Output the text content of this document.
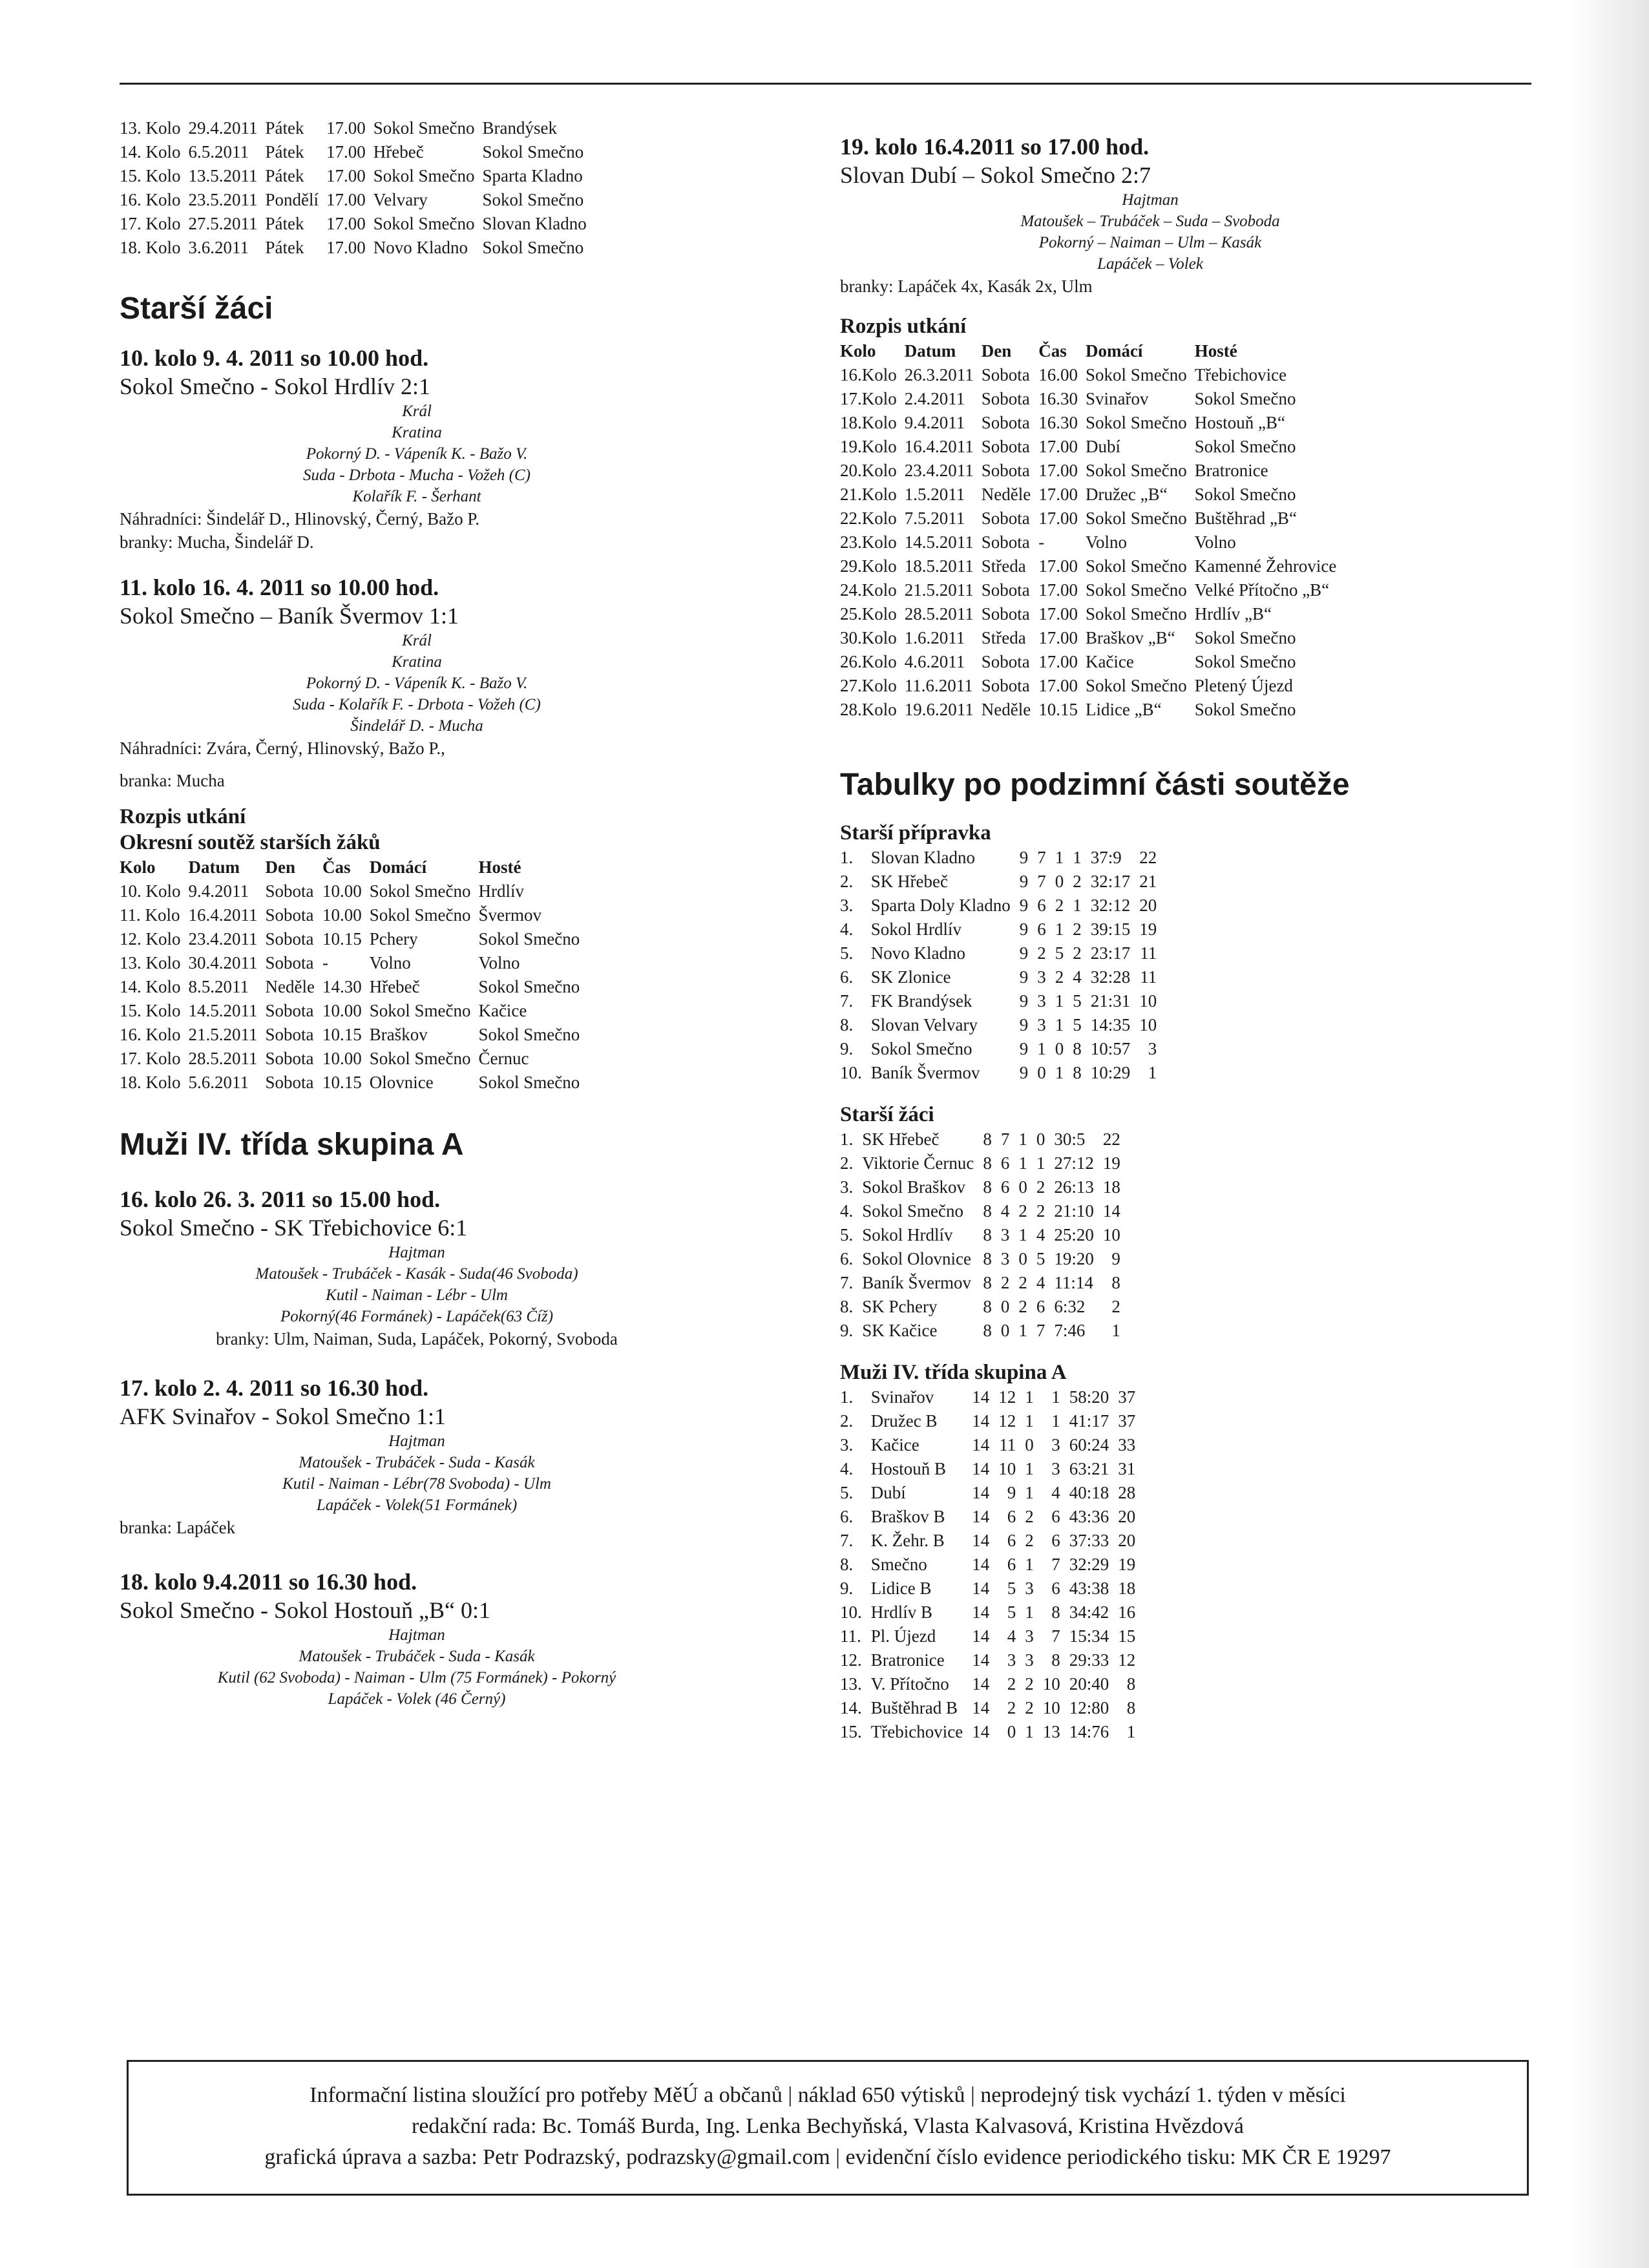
13. Kolo	29.4.2011	Pátek	17.00	Sokol Smečno	Brandýsek
14. Kolo	6.5.2011	Pátek	17.00	Hřebeč	Sokol Smečno
15. Kolo	13.5.2011	Pátek	17.00	Sokol Smečno	Sparta Kladno
16. Kolo	23.5.2011	Pondělí	17.00	Velvary	Sokol Smečno
17. Kolo	27.5.2011	Pátek	17.00	Sokol Smečno	Slovan Kladno
18. Kolo	3.6.2011	Pátek	17.00	Novo Kladno	Sokol Smečno
Starší žáci

10. kolo 9. 4. 2011 so 10.00 hod.

Sokol Smečno - Sokol Hrdlív 2:1

Král

Kratina

Pokorný D. - Vápeník K. - Bažo V.

Suda - Drbota - Mucha - Vožeh (C)

Kolařík F. - Šerhant

Náhradníci: Šindelář D., Hlinovský, Černý, Bažo P.

branky: Mucha, Šindelář D.

11. kolo 16. 4. 2011 so 10.00 hod.

Sokol Smečno – Baník Švermov 1:1

Král

Kratina

Pokorný D. - Vápeník K. - Bažo V.

Suda - Kolařík F. - Drbota - Vožeh (C)

Šindelář D. - Mucha

Náhradníci: Zvára, Černý, Hlinovský, Bažo P.,

branka: Mucha

Rozpis utkání

Okresní soutěž starších žáků

Kolo	Datum	Den	Čas	Domácí	Hosté
10. Kolo	9.4.2011	Sobota	10.00	Sokol Smečno	Hrdlív
11. Kolo	16.4.2011	Sobota	10.00	Sokol Smečno	Švermov
12. Kolo	23.4.2011	Sobota	10.15	Pchery	Sokol Smečno
13. Kolo	30.4.2011	Sobota	-	Volno	Volno
14. Kolo	8.5.2011	Neděle	14.30	Hřebeč	Sokol Smečno
15. Kolo	14.5.2011	Sobota	10.00	Sokol Smečno	Kačice
16. Kolo	21.5.2011	Sobota	10.15	Braškov	Sokol Smečno
17. Kolo	28.5.2011	Sobota	10.00	Sokol Smečno	Černuc
18. Kolo	5.6.2011	Sobota	10.15	Olovnice	Sokol Smečno
Muži IV. třída skupina A

16. kolo 26. 3. 2011 so 15.00 hod.

Sokol Smečno - SK Třebichovice 6:1

Hajtman

Matoušek - Trubáček - Kasák - Suda(46 Svoboda)

Kutil - Naiman - Lébr - Ulm

Pokorný(46 Formánek) - Lapáček(63 Číž)

branky: Ulm, Naiman, Suda, Lapáček, Pokorný, Svoboda

17. kolo 2. 4. 2011 so 16.30 hod.

AFK Svinařov - Sokol Smečno 1:1

Hajtman

Matoušek - Trubáček - Suda - Kasák

Kutil - Naiman - Lébr(78 Svoboda) - Ulm

Lapáček - Volek(51 Formánek)

branka: Lapáček

18. kolo 9.4.2011 so 16.30 hod.

Sokol Smečno - Sokol Hostouň „B“ 0:1

Hajtman

Matoušek - Trubáček - Suda - Kasák

Kutil (62 Svoboda) - Naiman - Ulm (75 Formánek) - Pokorný

Lapáček - Volek (46 Černý)

19. kolo 16.4.2011 so 17.00 hod.

Slovan Dubí – Sokol Smečno 2:7

Hajtman

Matoušek – Trubáček – Suda – Svoboda

Pokorný – Naiman – Ulm – Kasák

Lapáček – Volek

branky: Lapáček 4x, Kasák 2x, Ulm

Rozpis utkání

Kolo	Datum	Den	Čas	Domácí	Hosté
16.Kolo	26.3.2011	Sobota	16.00	Sokol Smečno	Třebichovice
17.Kolo	2.4.2011	Sobota	16.30	Svinařov	Sokol Smečno
18.Kolo	9.4.2011	Sobota	16.30	Sokol Smečno	Hostouň „B“
19.Kolo	16.4.2011	Sobota	17.00	Dubí	Sokol Smečno
20.Kolo	23.4.2011	Sobota	17.00	Sokol Smečno	Bratronice
21.Kolo	1.5.2011	Neděle	17.00	Družec „B“	Sokol Smečno
22.Kolo	7.5.2011	Sobota	17.00	Sokol Smečno	Buštěhrad „B“
23.Kolo	14.5.2011	Sobota	-	Volno	Volno
29.Kolo	18.5.2011	Středa	17.00	Sokol Smečno	Kamenné Žehrovice
24.Kolo	21.5.2011	Sobota	17.00	Sokol Smečno	Velké Přítočno „B“
25.Kolo	28.5.2011	Sobota	17.00	Sokol Smečno	Hrdlív „B“
30.Kolo	1.6.2011	Středa	17.00	Braškov „B“	Sokol Smečno
26.Kolo	4.6.2011	Sobota	17.00	Kačice	Sokol Smečno
27.Kolo	11.6.2011	Sobota	17.00	Sokol Smečno	Pletený Újezd
28.Kolo	19.6.2011	Neděle	10.15	Lidice „B“	Sokol Smečno
Tabulky po podzimní části soutěže

Starší přípravka

1.	Slovan Kladno	9	7	1	1	37:9	22
2.	SK Hřebeč	9	7	0	2	32:17	21
3.	Sparta Doly Kladno	9	6	2	1	32:12	20
4.	Sokol Hrdlív	9	6	1	2	39:15	19
5.	Novo Kladno	9	2	5	2	23:17	11
6.	SK Zlonice	9	3	2	4	32:28	11
7.	FK Brandýsek	9	3	1	5	21:31	10
8.	Slovan Velvary	9	3	1	5	14:35	10
9.	Sokol Smečno	9	1	0	8	10:57	3
10.	Baník Švermov	9	0	1	8	10:29	1

Starší žáci

1.	SK Hřebeč	8	7	1	0	30:5	22
2.	Viktorie Černuc	8	6	1	1	27:12	19
3.	Sokol Braškov	8	6	0	2	26:13	18
4.	Sokol Smečno	8	4	2	2	21:10	14
5.	Sokol Hrdlív	8	3	1	4	25:20	10
6.	Sokol Olovnice	8	3	0	5	19:20	9
7.	Baník Švermov	8	2	2	4	11:14	8
8.	SK Pchery	8	0	2	6	6:32	2
9.	SK Kačice	8	0	1	7	7:46	1

Muži IV. třída skupina A

1.	Svinařov	14	12	1	1	58:20	37
2.	Družec B	14	12	1	1	41:17	37
3.	Kačice	14	11	0	3	60:24	33
4.	Hostouň B	14	10	1	3	63:21	31
5.	Dubí	14	9	1	4	40:18	28
6.	Braškov B	14	6	2	6	43:36	20
7.	K. Žehr. B	14	6	2	6	37:33	20
8.	Smečno	14	6	1	7	32:29	19
9.	Lidice B	14	5	3	6	43:38	18
10.	Hrdlív B	14	5	1	8	34:42	16
11.	Pl. Újezd	14	4	3	7	15:34	15
12.	Bratronice	14	3	3	8	29:33	12
13.	V. Přítočno	14	2	2	10	20:40	8
14.	Buštěhrad B	14	2	2	10	12:80	8
15.	Třebichovice	14	0	1	13	14:76	1

Informační listina sloužící pro potřeby MěÚ a občanů | náklad 650 výtisků | neprodejný tisk vychází 1. týden v měsíci

redakční rada: Bc. Tomáš Burda, Ing. Lenka Bechyňská, Vlasta Kalvasová, Kristina Hvězdová

grafická úprava a sazba: Petr Podrazský, podrazsky@gmail.com | evidenční číslo evidence periodického tisku: MK ČR E 19297
